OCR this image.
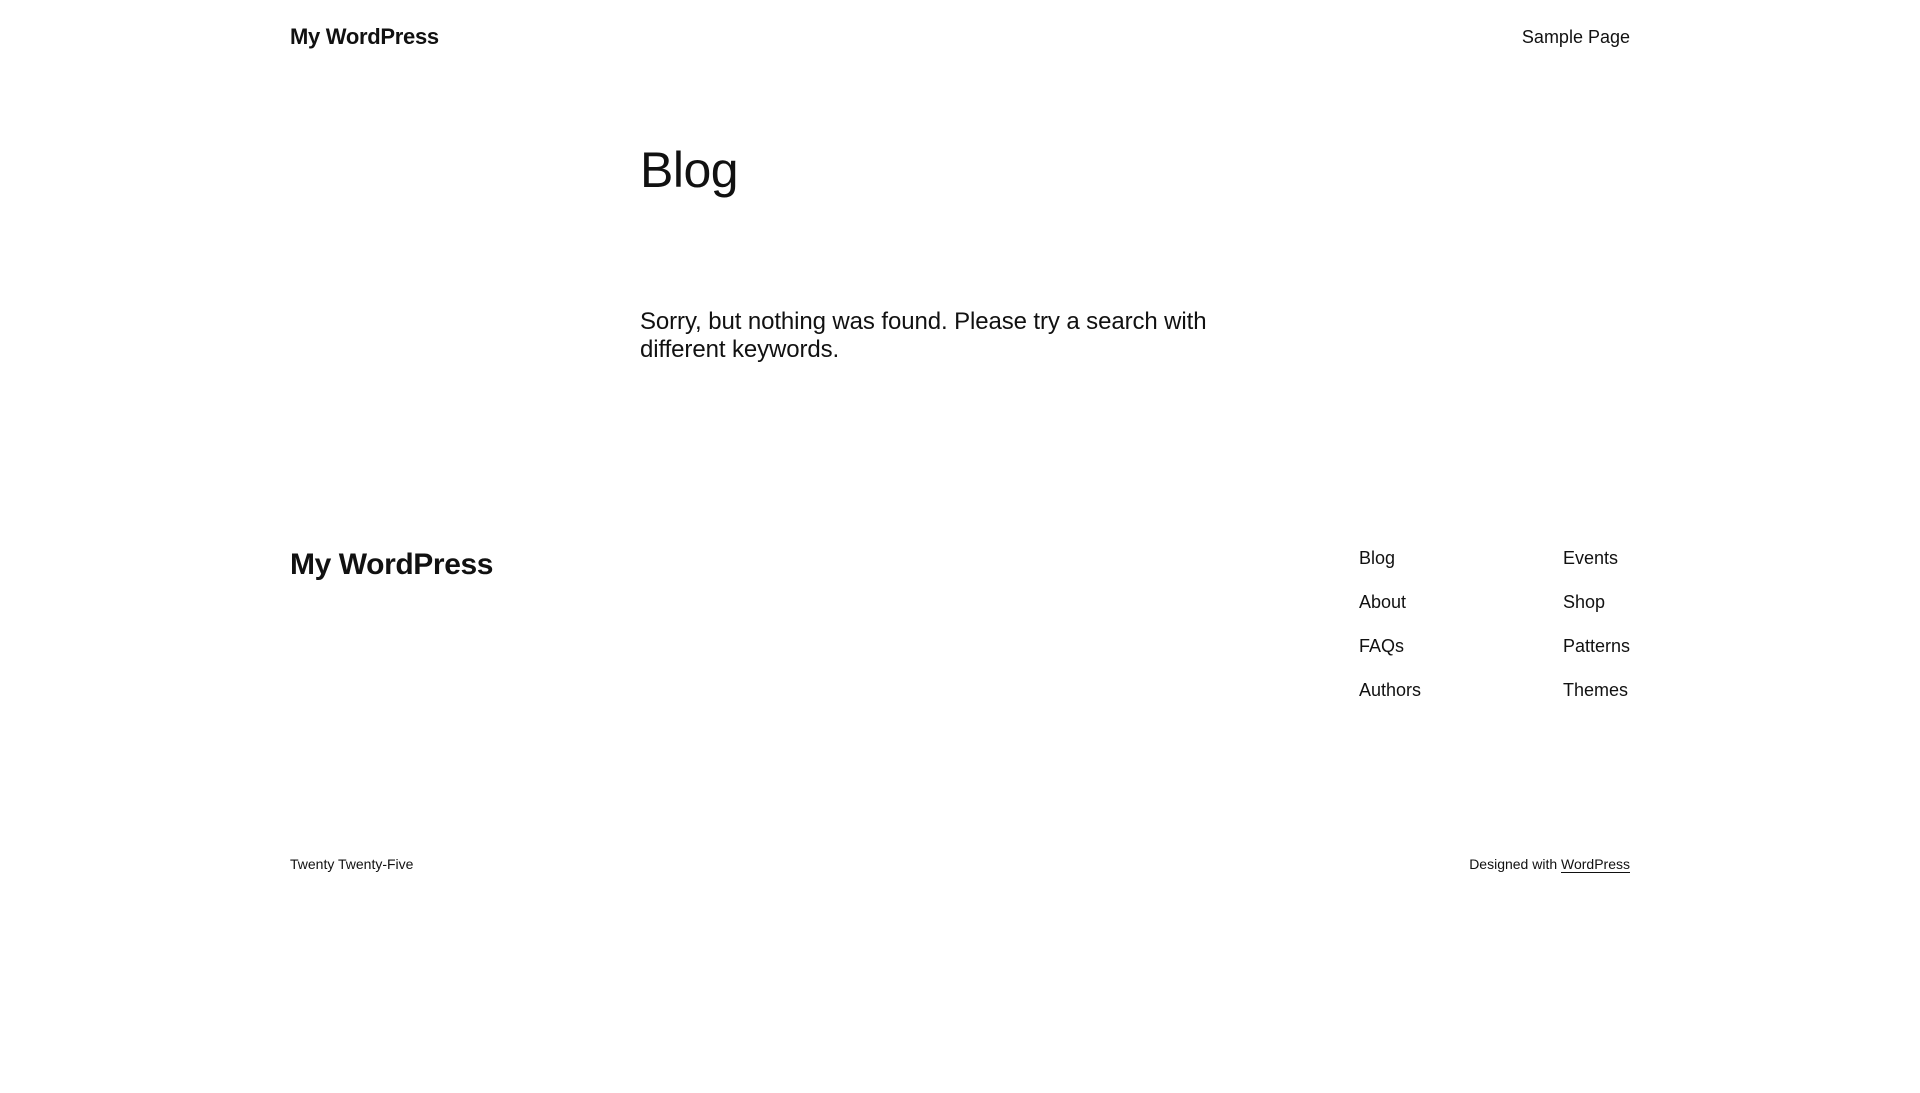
My WordPress	Sample Page
Blog

Sorry, but nothing was found. Please try a search with different keywords.

My WordPress	Blog
About
FAQs
Authors
Events
Shop
Patterns
Themes
Twenty Twenty-Five	Designed with WordPress
